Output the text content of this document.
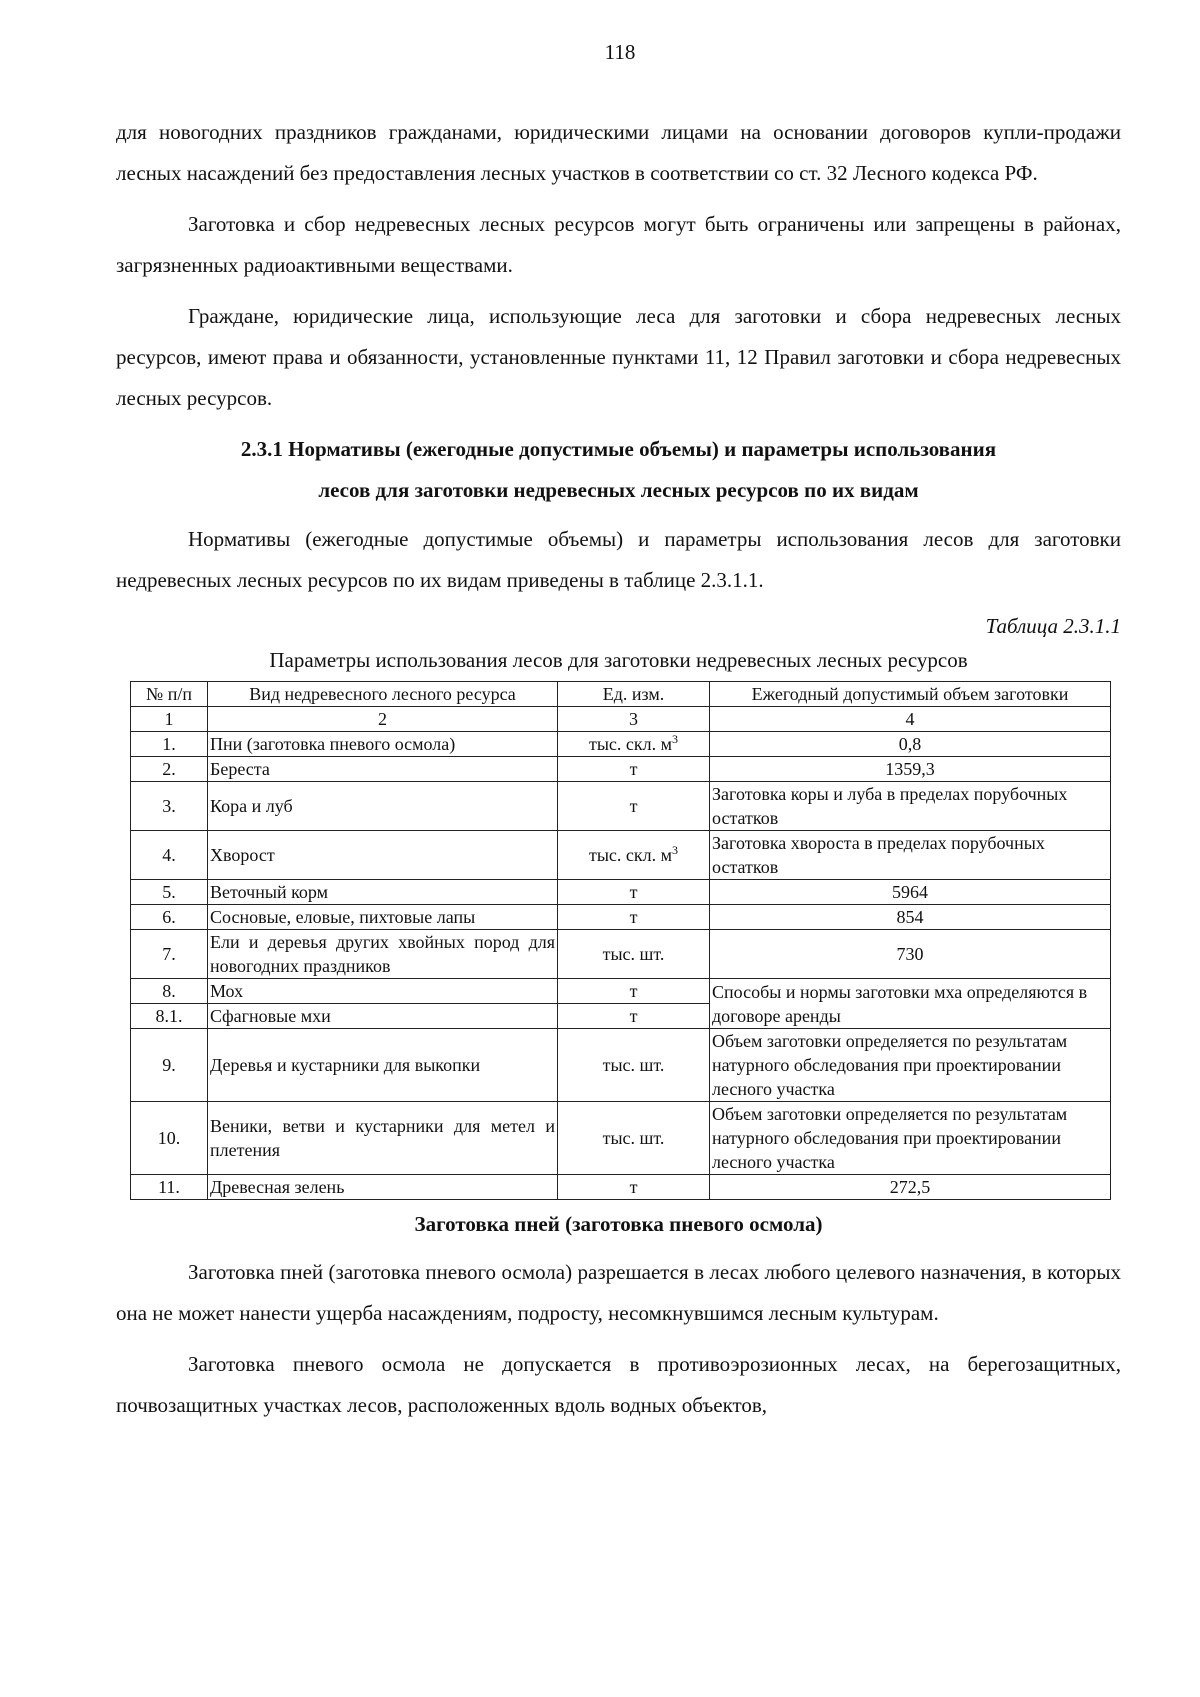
118

для новогодних праздников гражданами, юридическими лицами на основании договоров купли-продажи лесных насаждений без предоставления лесных участков в соответствии со ст. 32 Лесного кодекса РФ.

Заготовка и сбор недревесных лесных ресурсов могут быть ограничены или запрещены в районах, загрязненных радиоактивными веществами.

Граждане, юридические лица, использующие леса для заготовки и сбора недревесных лесных ресурсов, имеют права и обязанности, установленные пунктами 11, 12 Правил заготовки и сбора недревесных лесных ресурсов.

2.3.1 Нормативы (ежегодные допустимые объемы) и параметры использования
лесов для заготовки недревесных лесных ресурсов по их видам

Нормативы (ежегодные допустимые объемы) и параметры использования лесов для заготовки недревесных лесных ресурсов по их видам приведены в таблице 2.3.1.1.

Таблица 2.3.1.1

Параметры использования лесов для заготовки недревесных лесных ресурсов

№ п/п	Вид недревесного лесного ресурса	Ед. изм.	Ежегодный допустимый объем заготовки
1	2	3	4
1.	Пни (заготовка пневого осмола)	тыс. скл. $м^3$	0,8
2.	Береста	т	1359,3
3.	Кора и луб	т	Заготовка коры и луба в пределах порубочных остатков
4.	Хворост	тыс. скл. $м^3$	Заготовка хвороста в пределах порубочных остатков
5.	Веточный корм	т	5964
6.	Сосновые, еловые, пихтовые лапы	т	854
7.	Ели и деревья других хвойных пород для новогодних праздников	тыс. шт.	730
8.	Мох	т	Способы и нормы заготовки мха определяются в договоре аренды
8.1.	Сфагновые мхи	т	
9.	Деревья и кустарники для выкопки	тыс. шт.	Объем заготовки определяется по результатам натурного обследования при проектировании лесного участка
10.	Веники, ветви и кустарники для метел и плетения	тыс. шт.	Объем заготовки определяется по результатам натурного обследования при проектировании лесного участка
11.	Древесная зелень	т	272,5
Заготовка пней (заготовка пневого осмола)

Заготовка пней (заготовка пневого осмола) разрешается в лесах любого целевого назначения, в которых она не может нанести ущерба насаждениям, подросту, несомкнувшимся лесным культурам.

Заготовка пневого осмола не допускается в противоэрозионных лесах, на берегозащитных, почвозащитных участках лесов, расположенных вдоль водных объектов,
